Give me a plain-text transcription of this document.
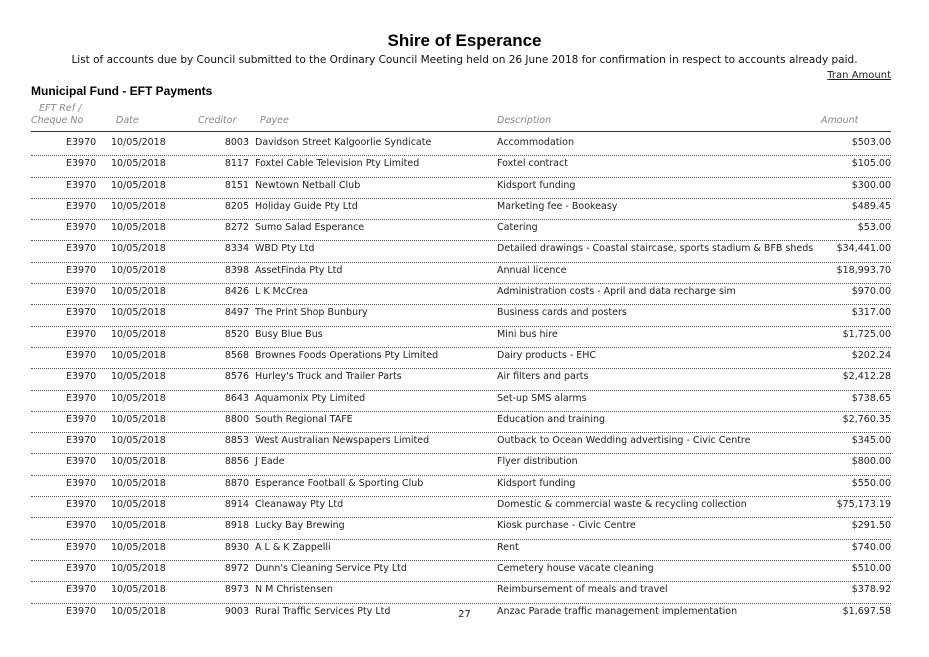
Shire of Esperance
List of accounts due by Council submitted to the Ordinary Council Meeting held on 26 June 2018 for confirmation in respect to accounts already paid.
Tran Amount
Municipal Fund - EFT Payments
EFT Ref /
Cheque No	Date	Creditor Payee	Description	Amount
E3970 10/05/2018	8003 Davidson Street Kalgoorlie Syndicate	Accommodation	$503.00
E3970 10/05/2018	8117 Foxtel Cable Television Pty Limited	Foxtel contract	$105.00
E3970 10/05/2018	8151 Newtown Netball Club	Kidsport funding	$300.00
E3970 10/05/2018	8205 Holiday Guide Pty Ltd	Marketing fee - Bookeasy	$489.45
E3970 10/05/2018	8272 Sumo Salad Esperance	Catering	$53.00
E3970 10/05/2018	8334 WBD Pty Ltd	Detailed drawings - Coastal staircase, sports stadium & BFB sheds $34,441.00
E3970 10/05/2018	8398 AssetFinda Pty Ltd	Annual licence	$18,993.70
E3970 10/05/2018	8426 L K McCrea	Administration costs - April and data recharge sim	$970.00
E3970 10/05/2018	8497 The Print Shop Bunbury	Business cards and posters	$317.00
E3970 10/05/2018	8520 Busy Blue Bus	Mini bus hire	$1,725.00
E3970 10/05/2018	8568 Brownes Foods Operations Pty Limited	Dairy products - EHC	$202.24
E3970 10/05/2018	8576 Hurley's Truck and Trailer Parts	Air filters and parts	$2,412.28
E3970 10/05/2018	8643 Aquamonix Pty Limited	Set-up SMS alarms	$738.65
E3970 10/05/2018	8800 South Regional TAFE	Education and training	$2,760.35
E3970 10/05/2018	8853 West Australian Newspapers Limited	Outback to Ocean Wedding advertising - Civic Centre	$345.00
E3970 10/05/2018	8856 J Eade	Flyer distribution	$800.00
E3970 10/05/2018	8870 Esperance Football & Sporting Club	Kidsport funding	$550.00
E3970 10/05/2018	8914 Cleanaway Pty Ltd	Domestic & commercial waste & recycling collection	$75,173.19
E3970 10/05/2018	8918 Lucky Bay Brewing	Kiosk purchase - Civic Centre	$291.50
E3970 10/05/2018	8930 A L & K Zappelli	Rent	$740.00
E3970 10/05/2018	8972 Dunn's Cleaning Service Pty Ltd	Cemetery house vacate cleaning	$510.00
E3970 10/05/2018	8973 N M Christensen	Reimbursement of meals and travel	$378.92
E3970 10/05/2018	9003 Rural Traffic Services Pty Ltd	Anzac Parade traffic management implementation	$1,697.58
27
